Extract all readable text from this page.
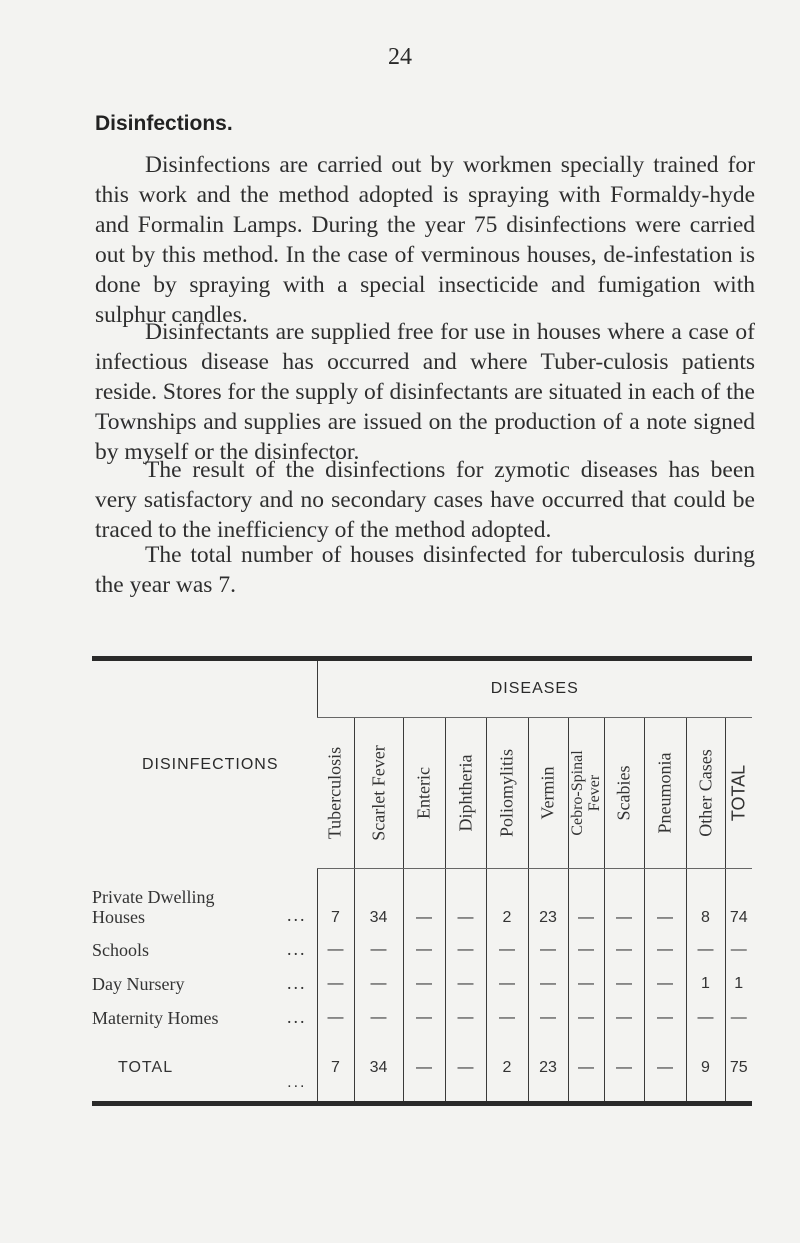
24
Disinfections.

Disinfections are carried out by workmen specially trained for this work and the method adopted is spraying with Formaldy-hyde and Formalin Lamps. During the year 75 disinfections were carried out by this method. In the case of verminous houses, de-infestation is done by spraying with a special insecticide and fumigation with sulphur candles.

Disinfectants are supplied free for use in houses where a case of infectious disease has occurred and where Tuber-culosis patients reside. Stores for the supply of disinfectants are situated in each of the Townships and supplies are issued on the production of a note signed by myself or the disinfector.

The result of the disinfections for zymotic diseases has been very satisfactory and no secondary cases have occurred that could be traced to the inefficiency of the method adopted.

The total number of houses disinfected for tuberculosis during the year was 7.

DISINFECTIONS	DISEASES										

	Tuberculosis	Scarlet Fever	Enteric	Diphtheria	Poliomylitis	Vermin	Cebro-Spinal
Fever	Scabies	Pneumonia	Other Cases	TOTAL

Private Dwelling
Houses ...	7	34	—	—	2	23	—	—	—	8	74

Schools ...	—	—	—	—	—	—	—	—	—	—	—

Day Nursery ...	—	—	—	—	—	—	—	—	—	1	1

Maternity Homes ...	—	—	—	—	—	—	—	—	—	—	—

TOTAL
...	7	34	—	—	2	23	—	—	—	9	75
